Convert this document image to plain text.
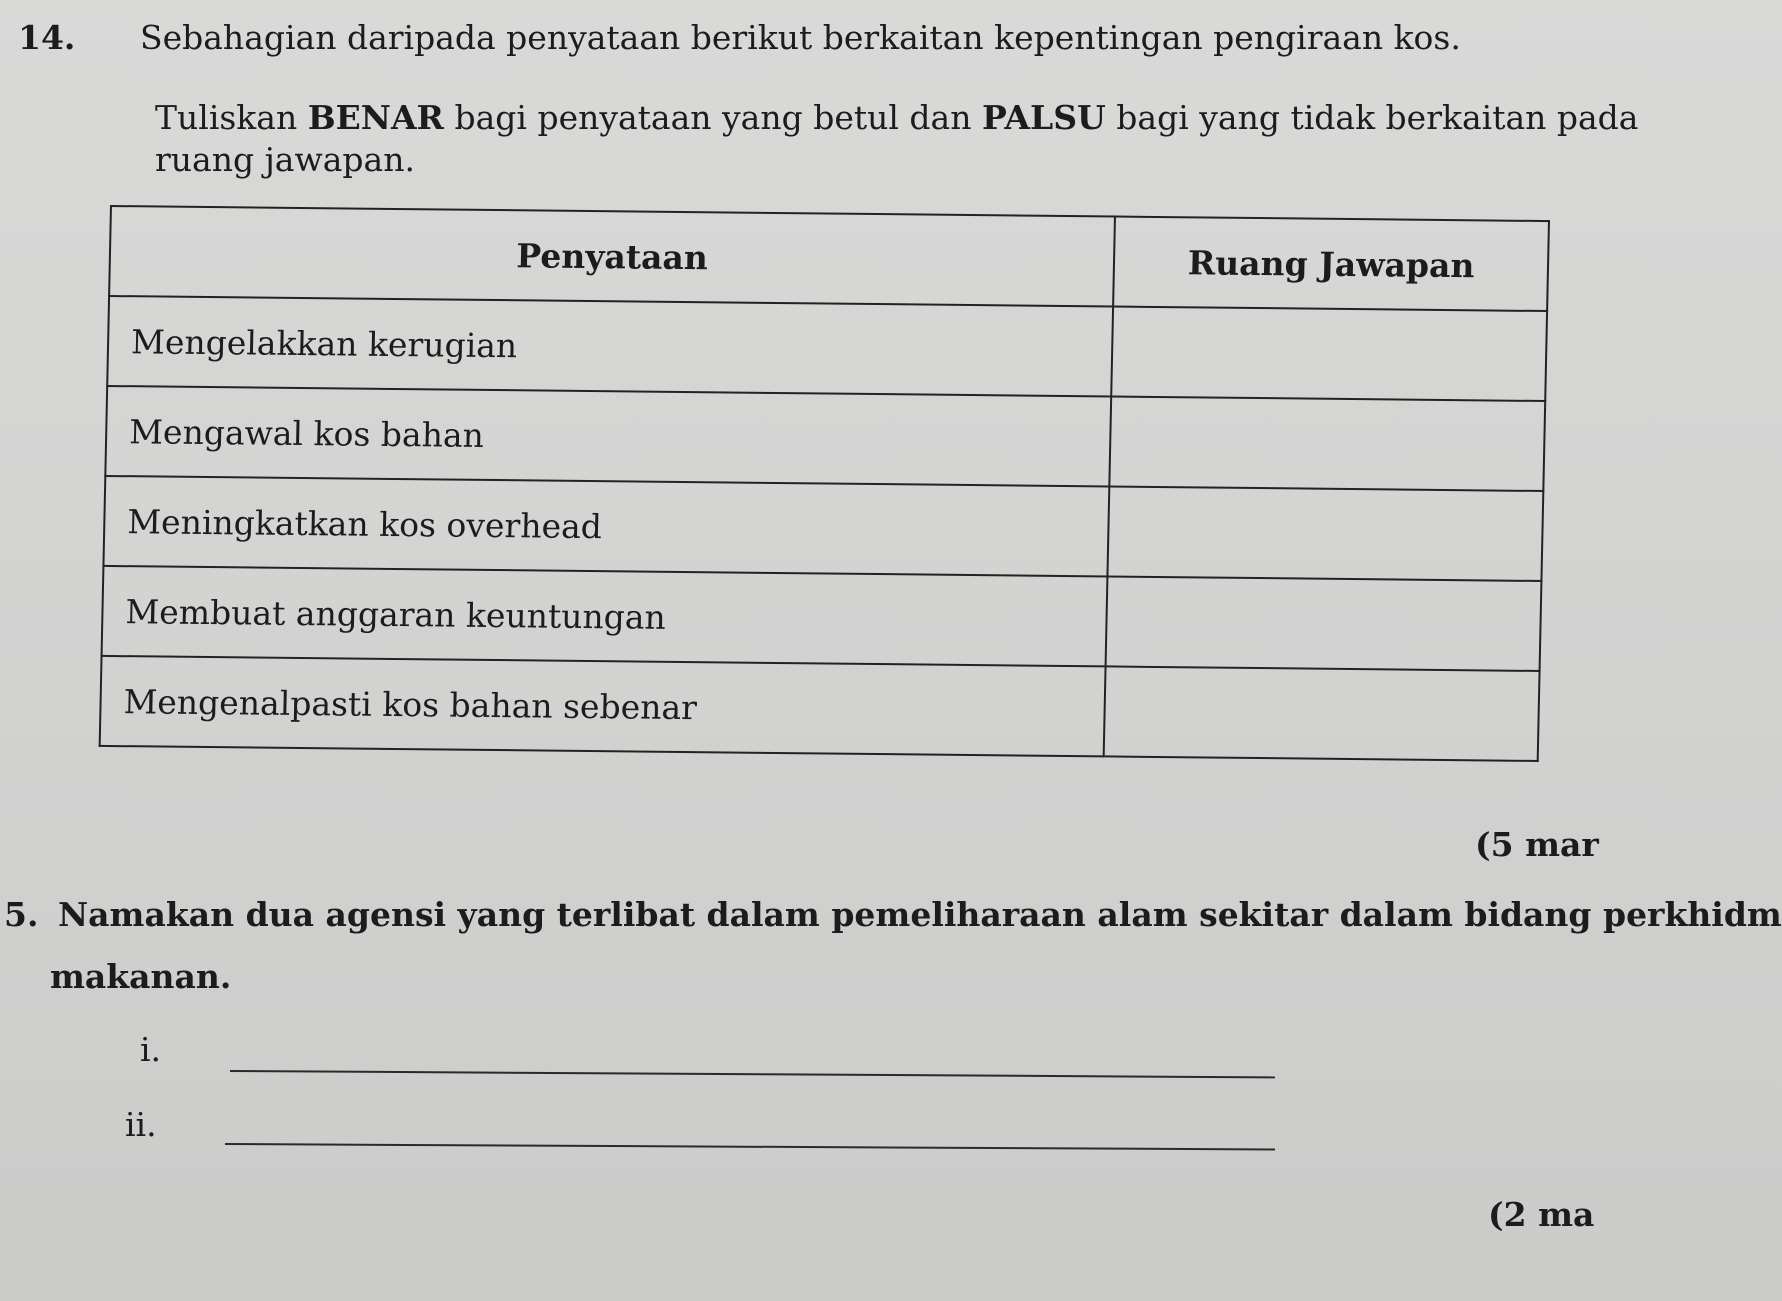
14. Sebahagian daripada penyataan berikut berkaitan kepentingan pengiraan kos.
Tuliskan BENAR bagi penyataan yang betul dan PALSU bagi yang tidak berkaitan pada
ruang jawapan.
Penyataan	Ruang Jawapan
Mengelakkan kerugian	
Mengawal kos bahan	
Meningkatkan kos overhead	
Membuat anggaran keuntungan	
Mengenalpasti kos bahan sebenar	
(5 mar
5. Namakan dua agensi yang terlibat dalam pemeliharaan alam sekitar dalam bidang perkhidm
makanan.
i.
ii.
(2 ma
